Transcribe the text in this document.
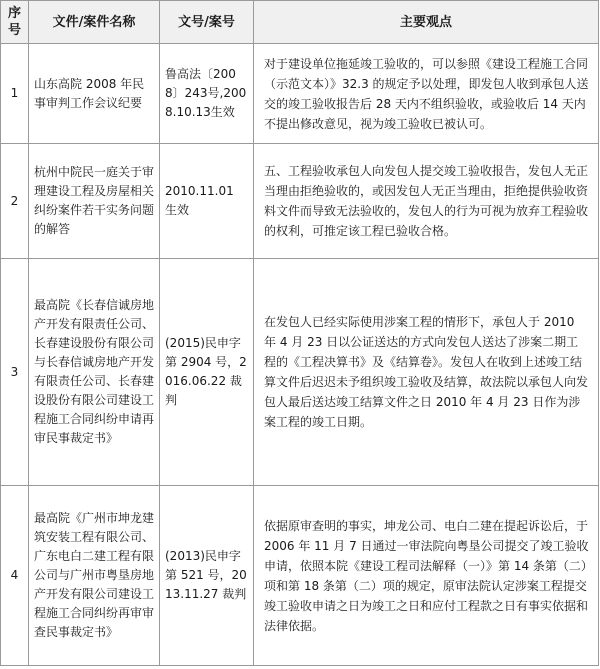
序号	文件/案件名称	文号/案号	主要观点
1	山东高院 2008 年民事审判工作会议纪要	鲁高法〔2008〕243号,2008.10.13生效	对于建设单位拖延竣工验收的，可以参照《建设工程施工合同（示范文本）》32.3 的规定予以处理，即发包人收到承包人送交的竣工验收报告后 28 天内不组织验收，或验收后 14 天内不提出修改意见，视为竣工验收已被认可。
2	杭州中院民一庭关于审理建设工程及房屋相关纠纷案件若干实务问题的解答	2010.11.01 生效	五、工程验收承包人向发包人提交竣工验收报告，发包人无正当理由拒绝验收的，或因发包人无正当理由，拒绝提供验收资料文件而导致无法验收的，发包人的行为可视为放弃工程验收的权利，可推定该工程已验收合格。
3	最高院《长春信诚房地产开发有限责任公司、长春建设股份有限公司与长春信诚房地产开发有限责任公司、长春建设股份有限公司建设工程施工合同纠纷申请再审民事裁定书》	(2015)民申字第 2904 号，2016.06.22 裁判	在发包人已经实际使用涉案工程的情形下，承包人于 2010 年 4 月 23 日以公证送达的方式向发包人送达了涉案二期工程的《工程决算书》及《结算卷》。发包人在收到上述竣工结算文件后迟迟未予组织竣工验收及结算，故法院以承包人向发包人最后送达竣工结算文件之日 2010 年 4 月 23 日作为涉案工程的竣工日期。
4	最高院《广州市坤龙建筑安装工程有限公司、广东电白二建工程有限公司与广州市粤垦房地产开发有限公司建设工程施工合同纠纷再审审查民事裁定书》	(2013)民申字第 521 号，2013.11.27 裁判	依据原审查明的事实，坤龙公司、电白二建在提起诉讼后，于 2006 年 11 月 7 日通过一审法院向粤垦公司提交了竣工验收申请，依照本院《建设工程司法解释（一）》第 14 条第（二）项和第 18 条第（二）项的规定，原审法院认定涉案工程提交竣工验收申请之日为竣工之日和应付工程款之日有事实依据和法律依据。
